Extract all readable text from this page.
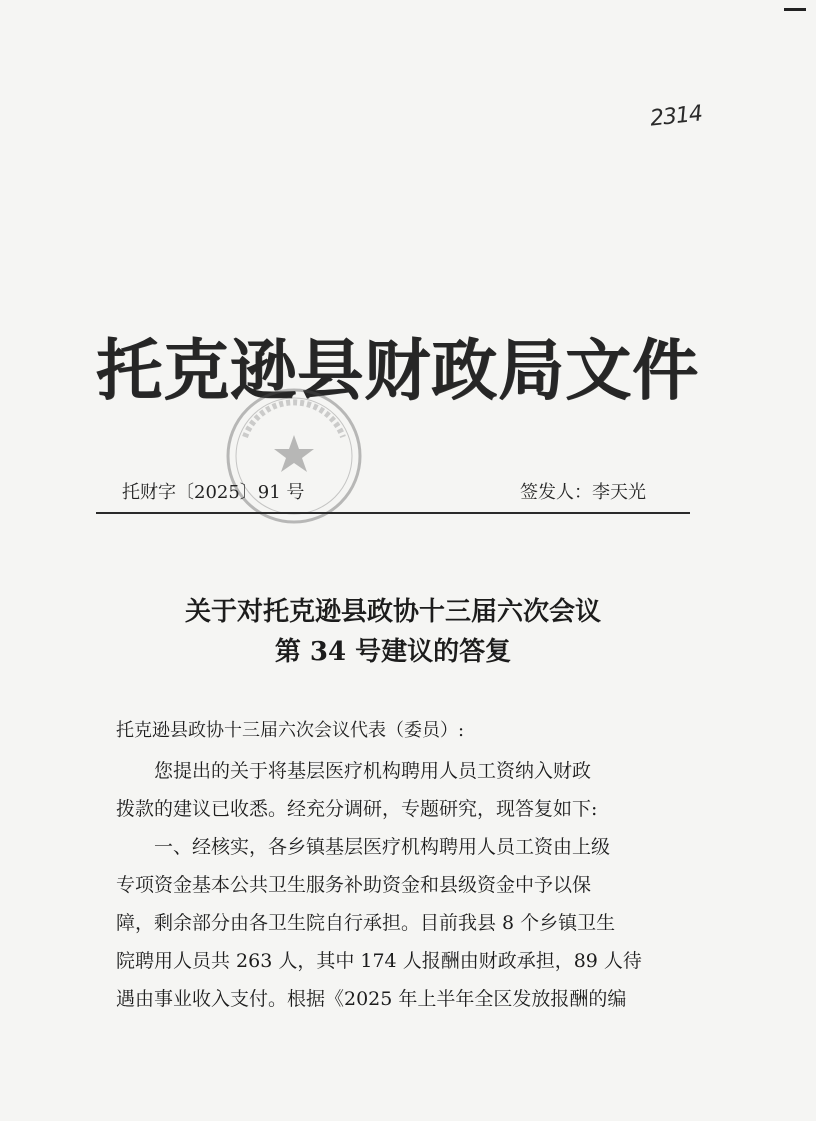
2314
托克逊县财政局文件
托财字〔2025〕91 号	签发人：李天光
关于对托克逊县政协十三届六次会议
第 34 号建议的答复
托克逊县政协十三届六次会议代表（委员）:
您提出的关于将基层医疗机构聘用人员工资纳入财政
拨款的建议已收悉。经充分调研，专题研究，现答复如下:
一、经核实，各乡镇基层医疗机构聘用人员工资由上级
专项资金基本公共卫生服务补助资金和县级资金中予以保
障，剩余部分由各卫生院自行承担。目前我县 8 个乡镇卫生
院聘用人员共 263 人，其中 174 人报酬由财政承担，89 人待
遇由事业收入支付。根据《2025 年上半年全区发放报酬的编
